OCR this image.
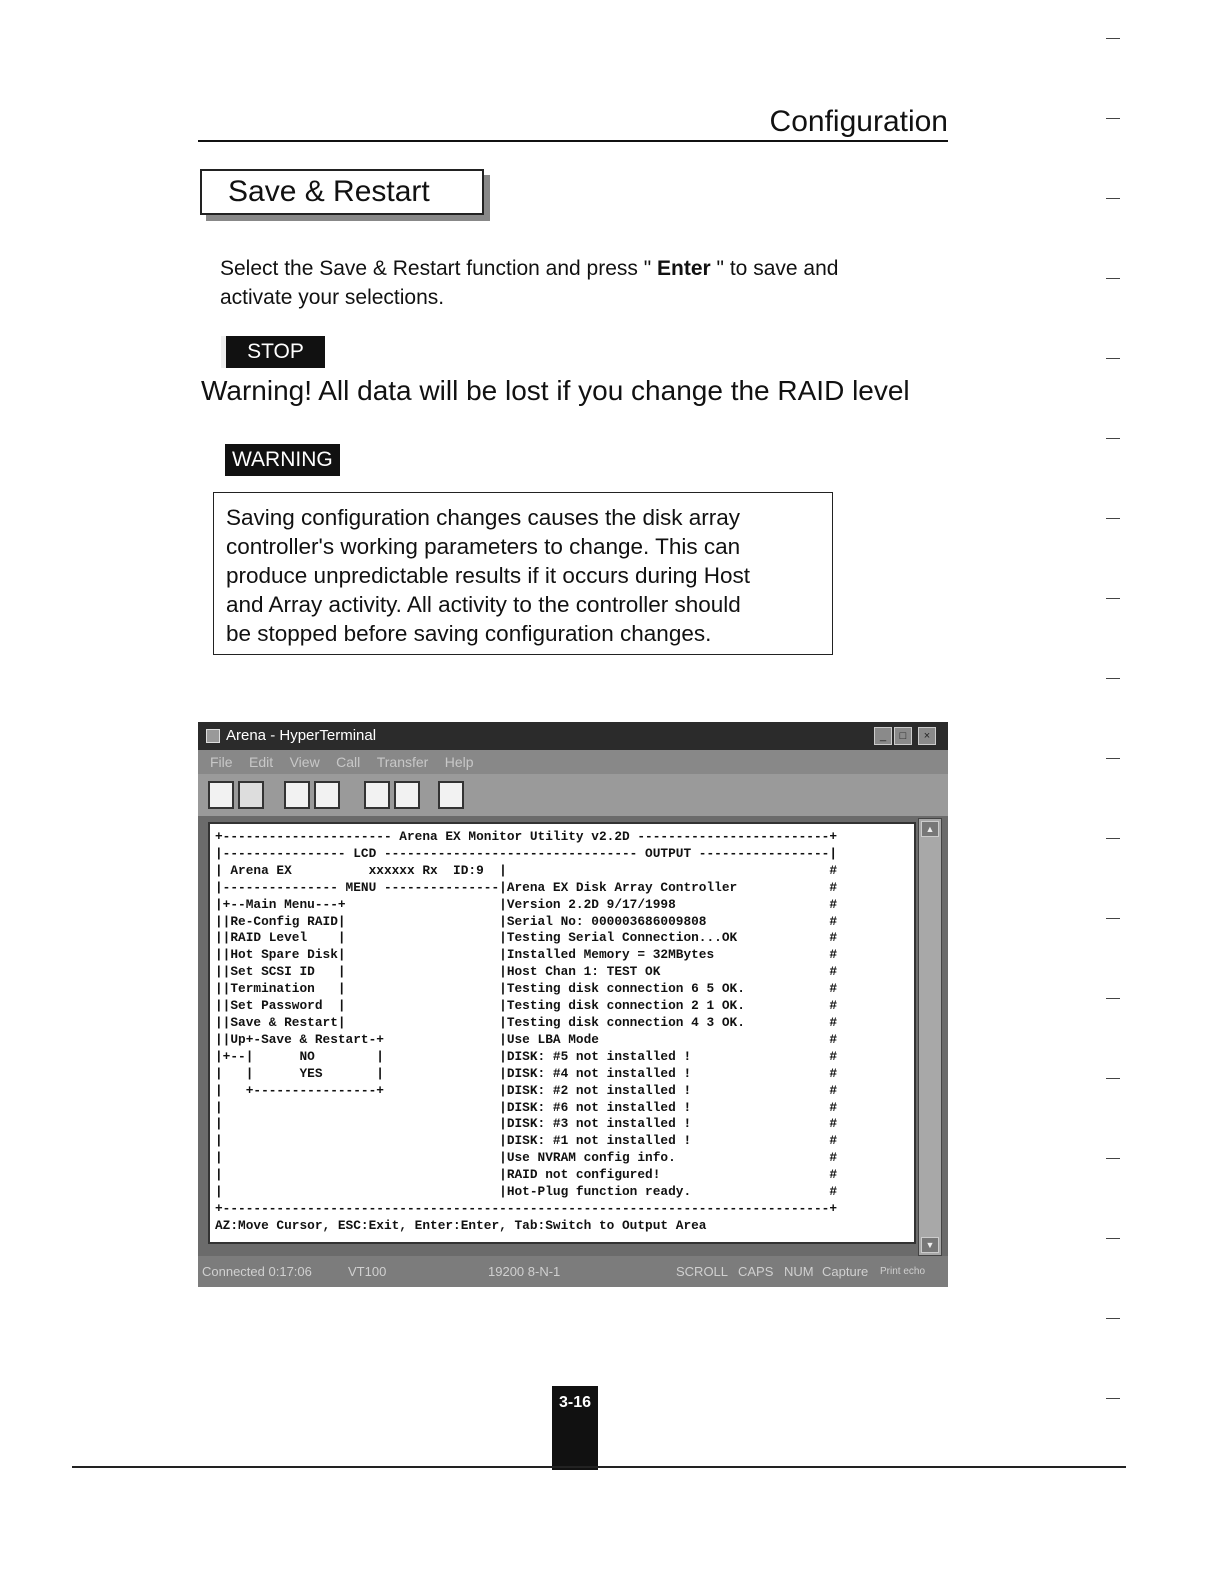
Configuration
Save & Restart
Select the Save & Restart function and press " Enter " to save and
activate your selections.
STOP
Warning! All data will be lost if you change the RAID level
WARNING
Saving configuration changes causes the disk array
controller's working parameters to change. This can
produce unpredictable results if it occurs during Host
and Array activity. All activity to the controller should
be stopped before saving configuration changes.
Arena - HyperTerminal	_	□	×
File Edit View Call Transfer Help
+---------------------- Arena EX Monitor Utility v2.2D -------------------------+
|---------------- LCD --------------------------------- OUTPUT -----------------|
| Arena EX          xxxxxx Rx  ID:9  |                                          #
|--------------- MENU ---------------|Arena EX Disk Array Controller            #
|+--Main Menu---+                    |Version 2.2D 9/17/1998                    #
||Re-Config RAID|                    |Serial No: 000003686009808                #
||RAID Level    |                    |Testing Serial Connection...OK            #
||Hot Spare Disk|                    |Installed Memory = 32MBytes               #
||Set SCSI ID   |                    |Host Chan 1: TEST OK                      #
||Termination   |                    |Testing disk connection 6 5 OK.           #
||Set Password  |                    |Testing disk connection 2 1 OK.           #
||Save & Restart|                    |Testing disk connection 4 3 OK.           #
||Up+-Save & Restart-+               |Use LBA Mode                              #
|+--|      NO        |               |DISK: #5 not installed !                  #
|   |      YES       |               |DISK: #4 not installed !                  #
|   +----------------+               |DISK: #2 not installed !                  #
|                                    |DISK: #6 not installed !                  #
|                                    |DISK: #3 not installed !                  #
|                                    |DISK: #1 not installed !                  #
|                                    |Use NVRAM config info.                    #
|                                    |RAID not configured!                      #
|                                    |Hot-Plug function ready.                  #
+-------------------------------------------------------------------------------+
AZ:Move Cursor, ESC:Exit, Enter:Enter, Tab:Switch to Output Area
▲
▼
Connected 0:17:06	VT100	19200 8-N-1	SCROLL CAPS NUM Capture Print echo
3-16
